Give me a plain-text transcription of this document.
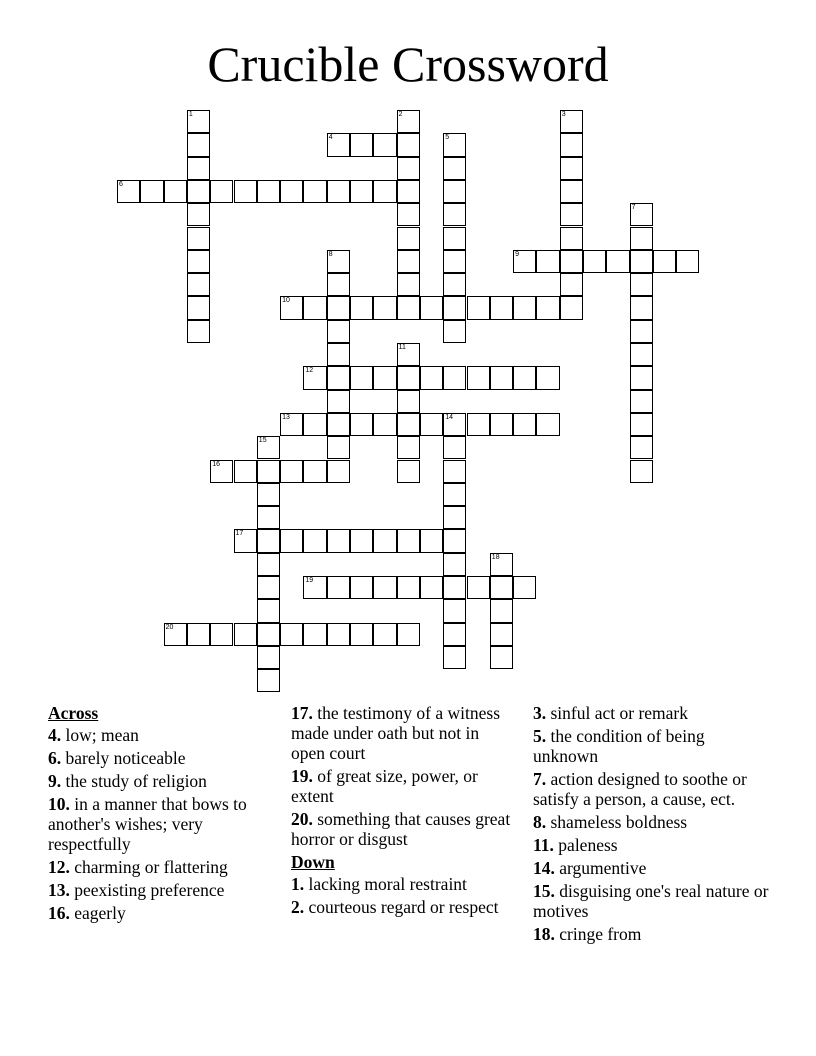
Crucible Crossword
1	2	3
4	5
6
7
8	9
10
11
12
13	14
15
16
17
18
19
20
Across
4. low; mean
6. barely noticeable
9. the study of religion
10. in a manner that bows to another's wishes; very respectfully
12. charming or flattering
13. peexisting preference
16. eagerly
17. the testimony of a witness made under oath but not in open court
19. of great size, power, or extent
20. something that causes great horror or disgust
Down
1. lacking moral restraint
2. courteous regard or respect
3. sinful act or remark
5. the condition of being unknown
7. action designed to soothe or satisfy a person, a cause, ect.
8. shameless boldness
11. paleness
14. argumentive
15. disguising one's real nature or motives
18. cringe from
